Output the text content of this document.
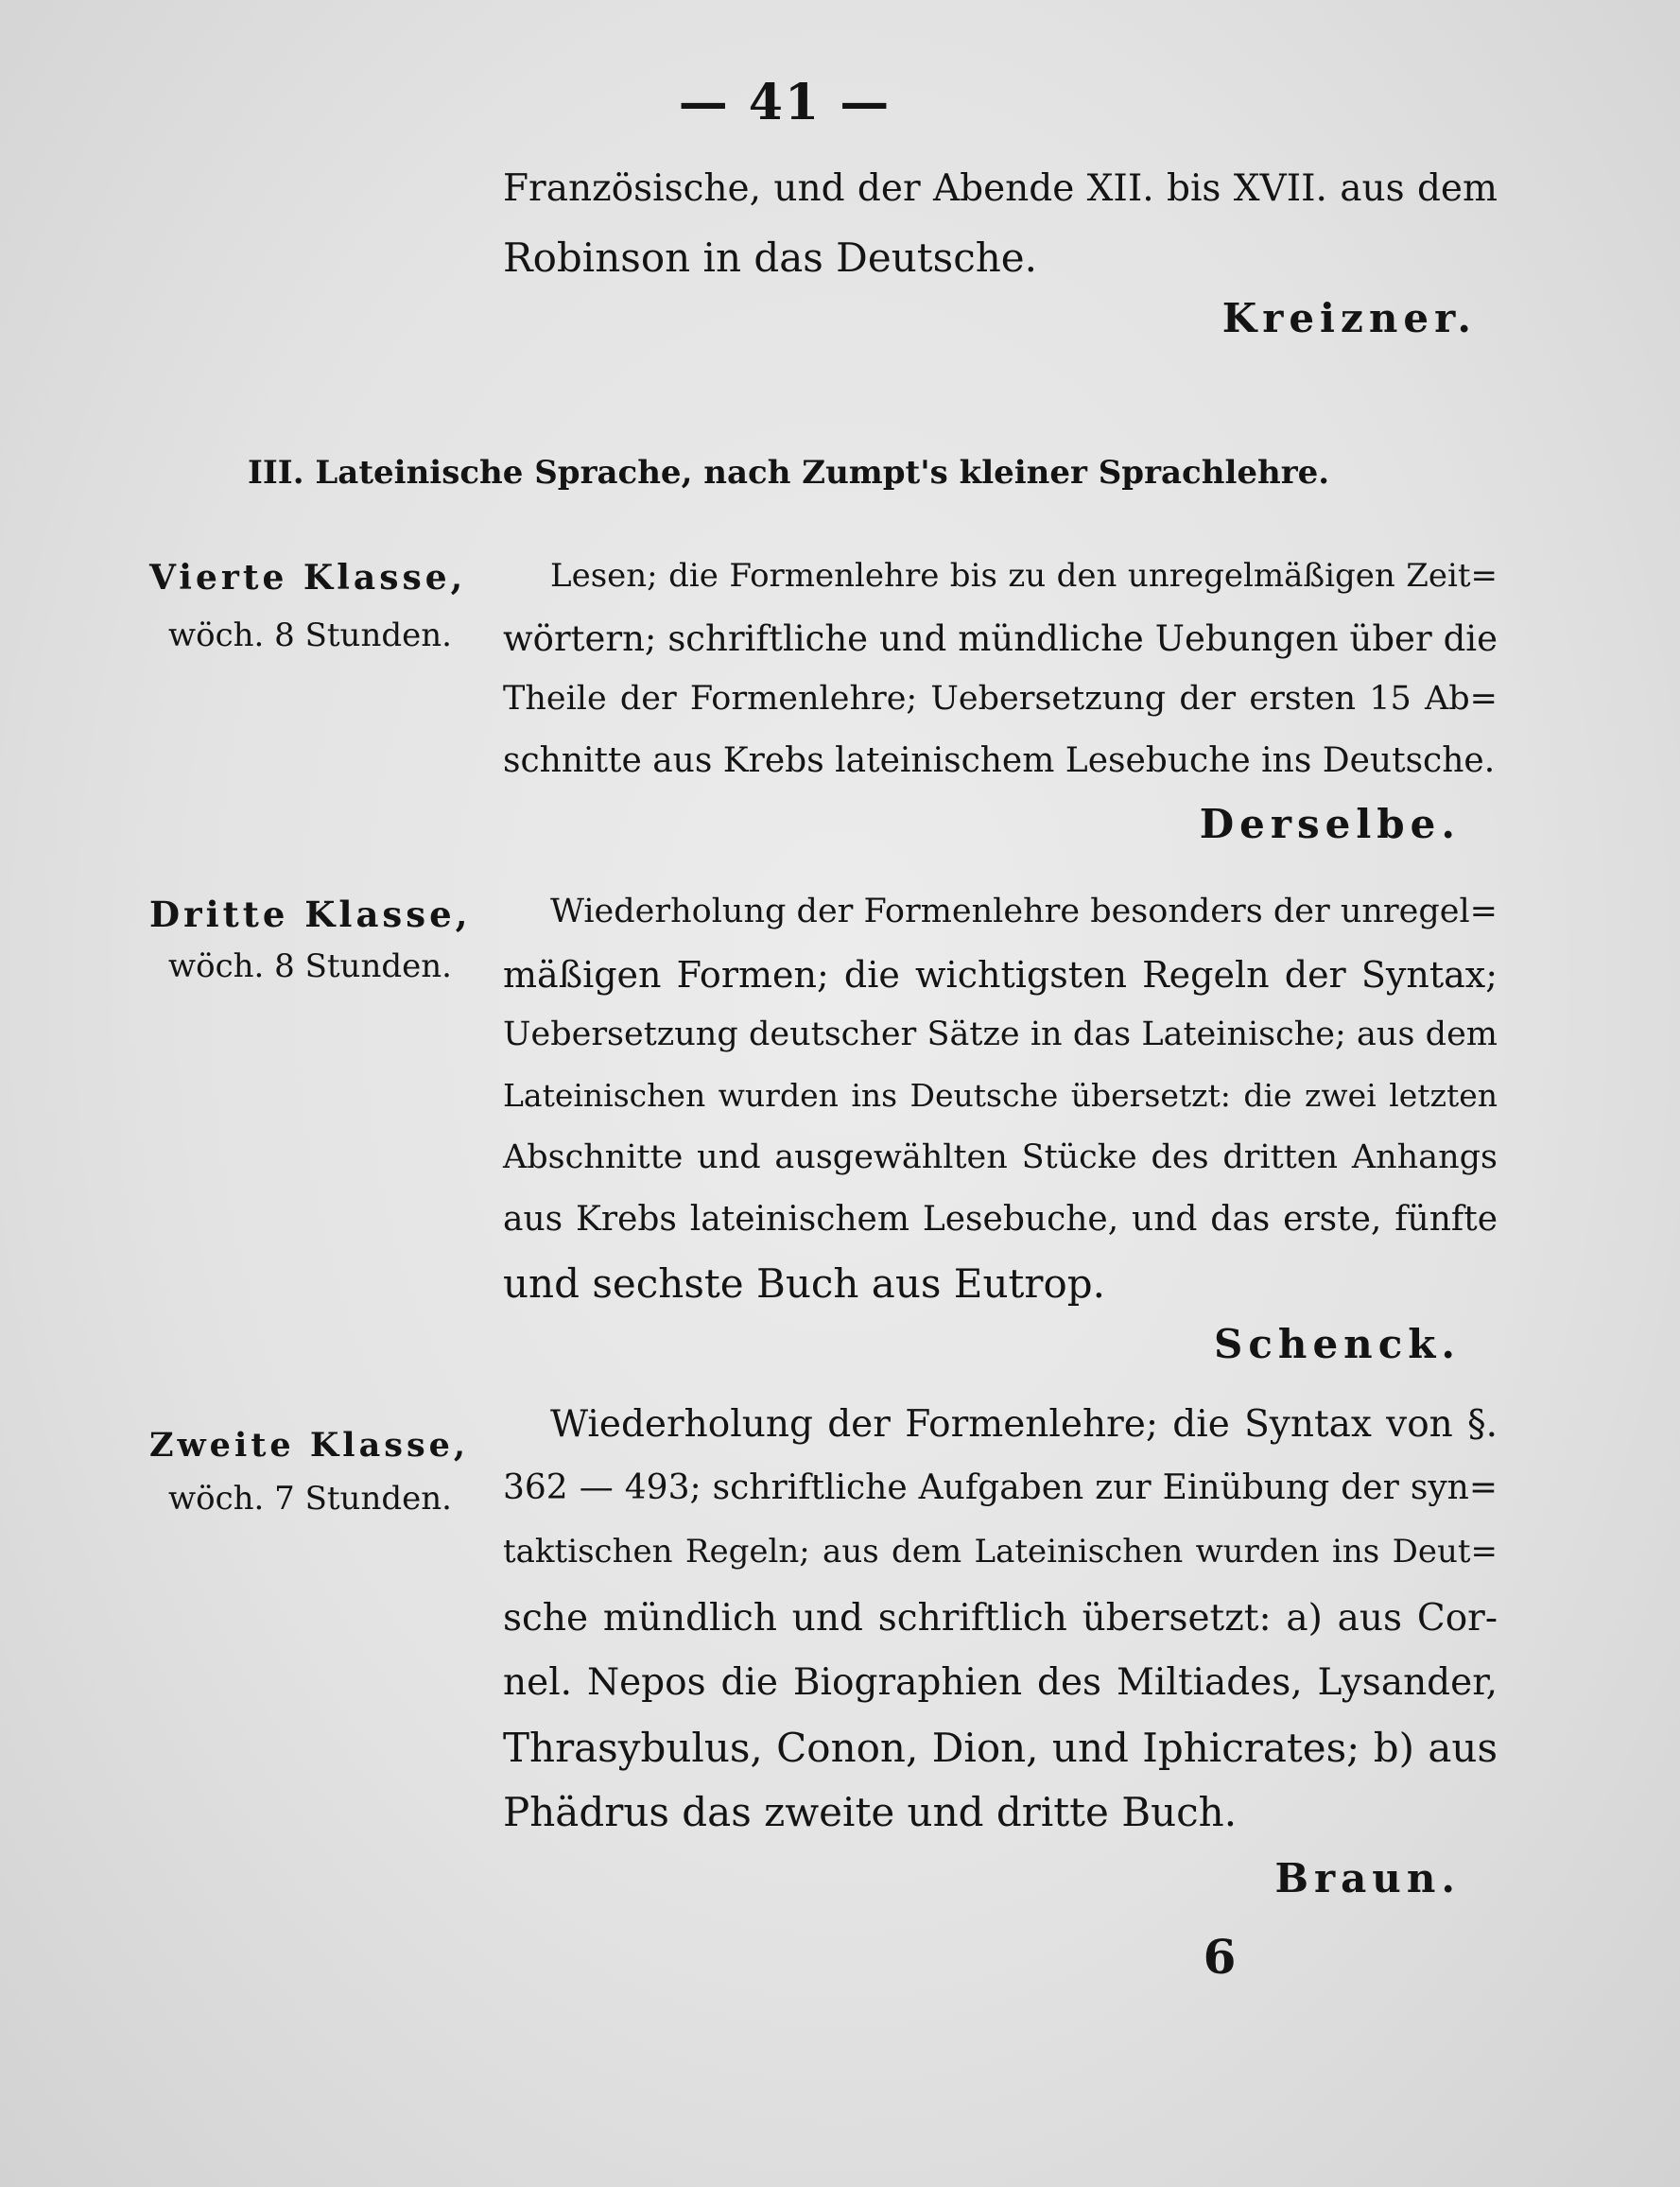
— 41 —
Französische, und der Abende XII. bis XVII. aus dem
Robinson in das Deutsche.
Kreizner.
III. Lateinische Sprache, nach Zumpt's kleiner Sprachlehre.
Vierte Klasse,
wöch. 8 Stunden.
Lesen; die Formenlehre bis zu den unregelmäßigen Zeit=
wörtern; schriftliche und mündliche Uebungen über die
Theile der Formenlehre; Uebersetzung der ersten 15 Ab=
schnitte aus Krebs lateinischem Lesebuche ins Deutsche.
Derselbe.
Dritte Klasse,
wöch. 8 Stunden.
Wiederholung der Formenlehre besonders der unregel=
mäßigen Formen; die wichtigsten Regeln der Syntax;
Uebersetzung deutscher Sätze in das Lateinische; aus dem
Lateinischen wurden ins Deutsche übersetzt: die zwei letzten
Abschnitte und ausgewählten Stücke des dritten Anhangs
aus Krebs lateinischem Lesebuche, und das erste, fünfte
und sechste Buch aus Eutrop.
Schenck.
Zweite Klasse,
wöch. 7 Stunden.
Wiederholung der Formenlehre; die Syntax von §.
362 — 493; schriftliche Aufgaben zur Einübung der syn=
taktischen Regeln; aus dem Lateinischen wurden ins Deut=
sche mündlich und schriftlich übersetzt: a) aus Cor-
nel. Nepos die Biographien des Miltiades, Lysander,
Thrasybulus, Conon, Dion, und Iphicrates; b) aus
Phädrus das zweite und dritte Buch.
Braun.
6
